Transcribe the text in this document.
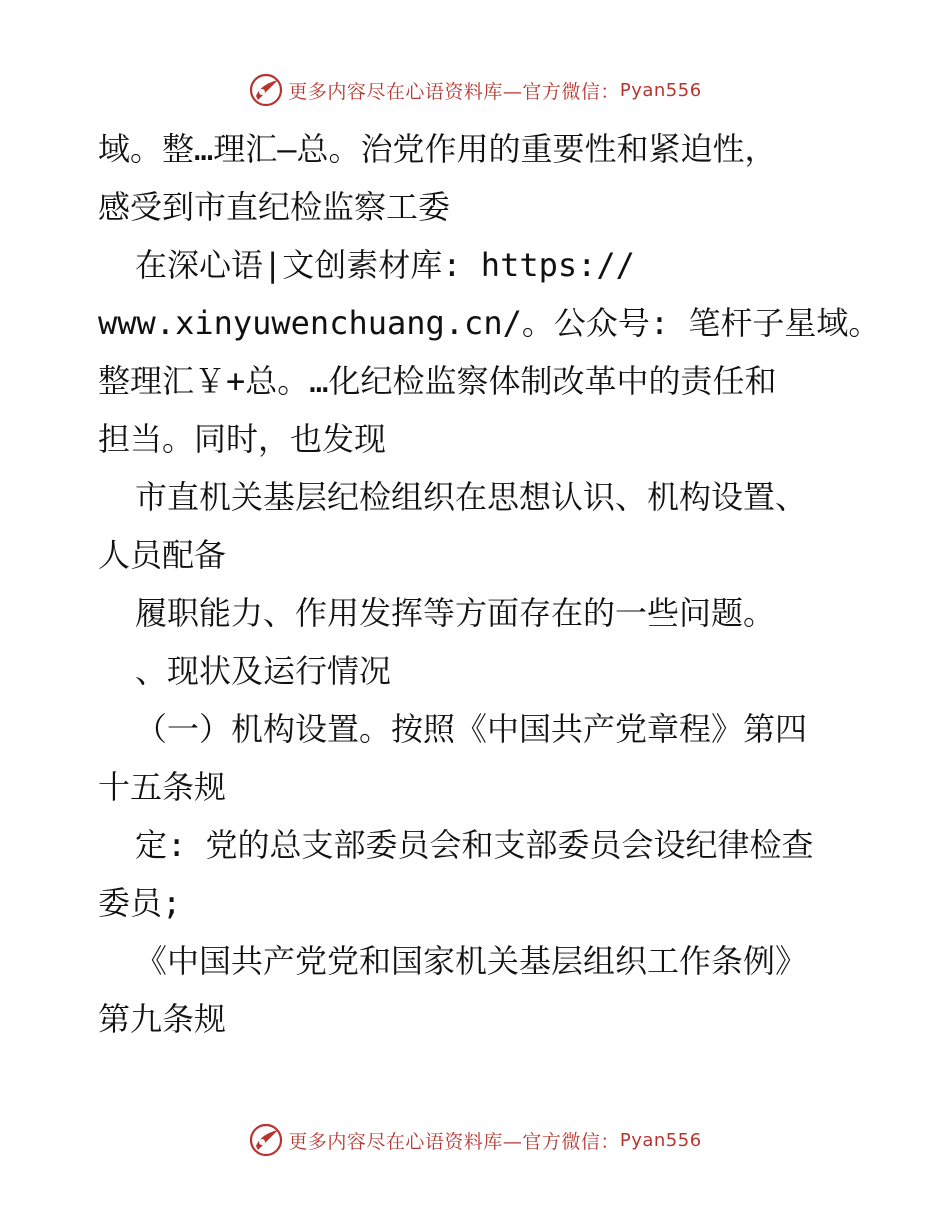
更多内容尽在心语资料库—官方微信： Pyan556
域。整…理汇—总。治党作用的重要性和紧迫性，
感受到市直纪检监察工委
在深心语|文创素材库: https://
www.xinyuwenchuang.cn/。公众号: 笔杆子星域。
整理汇￥+总。…化纪检监察体制改革中的责任和
担当。同时，也发现
市直机关基层纪检组织在思想认识、机构设置、
人员配备
履职能力、作用发挥等方面存在的一些问题。
、现状及运行情况
（一）机构设置。按照《中国共产党章程》第四
十五条规
定: 党的总支部委员会和支部委员会设纪律检查
委员;
《中国共产党党和国家机关基层组织工作条例》
第九条规
更多内容尽在心语资料库—官方微信： Pyan556
